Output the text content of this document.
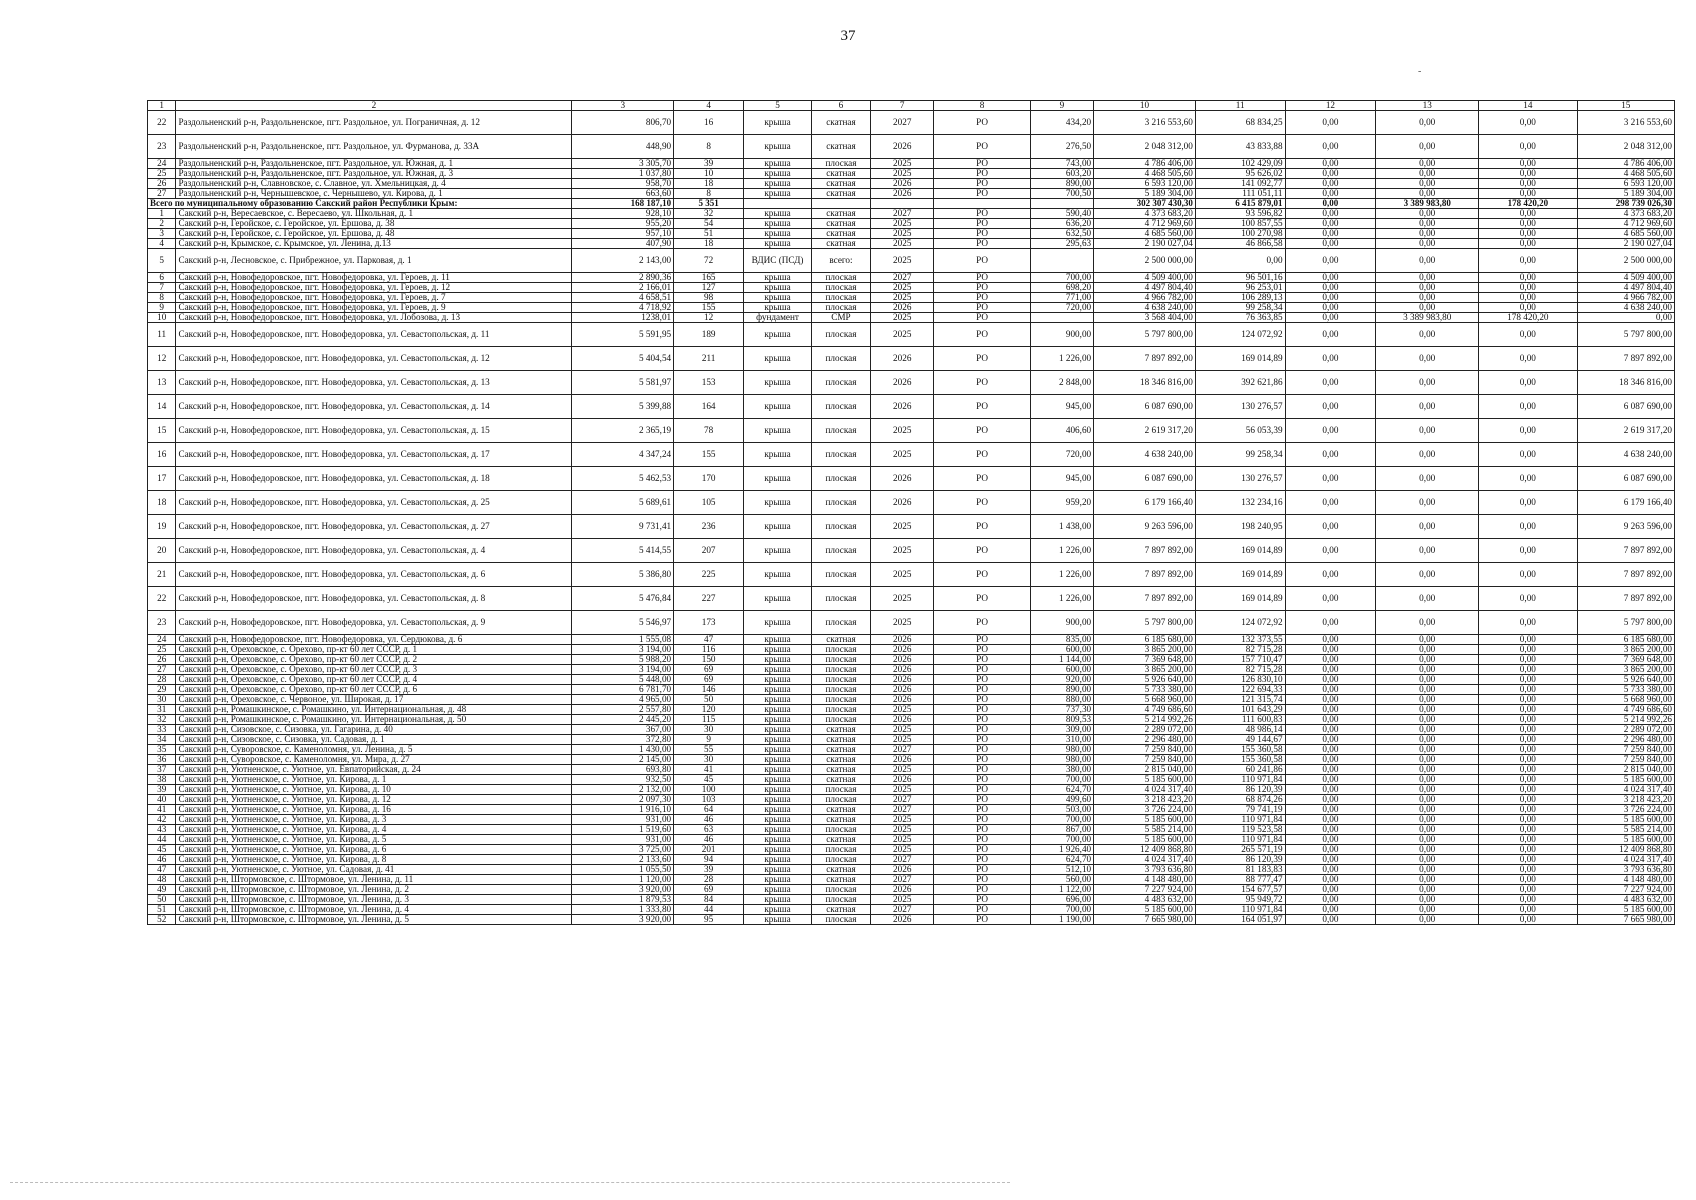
37
‑
1	2	3	4	5	6	7	8	9	10	11	12	13	14	15
22	Раздольненский р-н, Раздольненское, пгт. Раздольное, ул. Пограничная, д. 12	806,70	16	крыша	скатная	2027	РО	434,20	3 216 553,60	68 834,25	0,00	0,00	0,00	3 216 553,60
23	Раздольненский р-н, Раздольненское, пгт. Раздольное, ул. Фурманова, д. 33А	448,90	8	крыша	скатная	2026	РО	276,50	2 048 312,00	43 833,88	0,00	0,00	0,00	2 048 312,00
24	Раздольненский р-н, Раздольненское, пгт. Раздольное, ул. Южная, д. 1	3 305,70	39	крыша	плоская	2025	РО	743,00	4 786 406,00	102 429,09	0,00	0,00	0,00	4 786 406,00
25	Раздольненский р-н, Раздольненское, пгт. Раздольное, ул. Южная, д. 3	1 037,80	10	крыша	скатная	2025	РО	603,20	4 468 505,60	95 626,02	0,00	0,00	0,00	4 468 505,60
26	Раздольненский р-н, Славновское, с. Славное, ул. Хмельницкая, д. 4	958,70	18	крыша	скатная	2026	РО	890,00	6 593 120,00	141 092,77	0,00	0,00	0,00	6 593 120,00
27	Раздольненский р-н, Чернышевское, с. Чернышево, ул. Кирова, д. 1	663,60	8	крыша	скатная	2026	РО	700,50	5 189 304,00	111 051,11	0,00	0,00	0,00	5 189 304,00
Всего по муниципальному образованию Сакский район Республики Крым:		168 187,10	5 351						302 307 430,30	6 415 879,01	0,00	3 389 983,80	178 420,20	298 739 026,30
1	Сакский р-н, Вересаевское, с. Вересаево, ул. Школьная, д. 1	928,10	32	крыша	скатная	2027	РО	590,40	4 373 683,20	93 596,82	0,00	0,00	0,00	4 373 683,20
2	Сакский р-н, Геройское, с. Геройское, ул. Ершова, д. 38	955,20	54	крыша	скатная	2025	РО	636,20	4 712 969,60	100 857,55	0,00	0,00	0,00	4 712 969,60
3	Сакский р-н, Геройское, с. Геройское, ул. Ершова, д. 48	957,10	51	крыша	скатная	2025	РО	632,50	4 685 560,00	100 270,98	0,00	0,00	0,00	4 685 560,00
4	Сакский р-н, Крымское, с. Крымское, ул. Ленина, д.13	407,90	18	крыша	скатная	2025	РО	295,63	2 190 027,04	46 866,58	0,00	0,00	0,00	2 190 027,04
5	Сакский р-н, Лесновское, с. Прибрежное, ул. Парковая, д. 1	2 143,00	72	ВДИС (ПСД)	всего:	2025	РО		2 500 000,00	0,00	0,00	0,00	0,00	2 500 000,00
6	Сакский р-н, Новофедоровское, пгт. Новофедоровка, ул. Героев, д. 11	2 890,36	165	крыша	плоская	2027	РО	700,00	4 509 400,00	96 501,16	0,00	0,00	0,00	4 509 400,00
7	Сакский р-н, Новофедоровское, пгт. Новофедоровка, ул. Героев, д. 12	2 166,01	127	крыша	плоская	2025	РО	698,20	4 497 804,40	96 253,01	0,00	0,00	0,00	4 497 804,40
8	Сакский р-н, Новофедоровское, пгт. Новофедоровка, ул. Героев, д. 7	4 658,51	98	крыша	плоская	2025	РО	771,00	4 966 782,00	106 289,13	0,00	0,00	0,00	4 966 782,00
9	Сакский р-н, Новофедоровское, пгт. Новофедоровка, ул. Героев, д. 9	4 718,92	155	крыша	плоская	2026	РО	720,00	4 638 240,00	99 258,34	0,00	0,00	0,00	4 638 240,00
10	Сакский р-н, Новофедоровское, пгт. Новофедоровка, ул. Лобозова, д. 13	1238,01	12	фундамент	СМР	2025	РО		3 568 404,00	76 363,85	0,00	3 389 983,80	178 420,20	0,00
11	Сакский р-н, Новофедоровское, пгт. Новофедоровка, ул. Севастопольская, д. 11	5 591,95	189	крыша	плоская	2025	РО	900,00	5 797 800,00	124 072,92	0,00	0,00	0,00	5 797 800,00
12	Сакский р-н, Новофедоровское, пгт. Новофедоровка, ул. Севастопольская, д. 12	5 404,54	211	крыша	плоская	2026	РО	1 226,00	7 897 892,00	169 014,89	0,00	0,00	0,00	7 897 892,00
13	Сакский р-н, Новофедоровское, пгт. Новофедоровка, ул. Севастопольская, д. 13	5 581,97	153	крыша	плоская	2026	РО	2 848,00	18 346 816,00	392 621,86	0,00	0,00	0,00	18 346 816,00
14	Сакский р-н, Новофедоровское, пгт. Новофедоровка, ул. Севастопольская, д. 14	5 399,88	164	крыша	плоская	2026	РО	945,00	6 087 690,00	130 276,57	0,00	0,00	0,00	6 087 690,00
15	Сакский р-н, Новофедоровское, пгт. Новофедоровка, ул. Севастопольская, д. 15	2 365,19	78	крыша	плоская	2025	РО	406,60	2 619 317,20	56 053,39	0,00	0,00	0,00	2 619 317,20
16	Сакский р-н, Новофедоровское, пгт. Новофедоровка, ул. Севастопольская, д. 17	4 347,24	155	крыша	плоская	2025	РО	720,00	4 638 240,00	99 258,34	0,00	0,00	0,00	4 638 240,00
17	Сакский р-н, Новофедоровское, пгт. Новофедоровка, ул. Севастопольская, д. 18	5 462,53	170	крыша	плоская	2026	РО	945,00	6 087 690,00	130 276,57	0,00	0,00	0,00	6 087 690,00
18	Сакский р-н, Новофедоровское, пгт. Новофедоровка, ул. Севастопольская, д. 25	5 689,61	105	крыша	плоская	2026	РО	959,20	6 179 166,40	132 234,16	0,00	0,00	0,00	6 179 166,40
19	Сакский р-н, Новофедоровское, пгт. Новофедоровка, ул. Севастопольская, д. 27	9 731,41	236	крыша	плоская	2025	РО	1 438,00	9 263 596,00	198 240,95	0,00	0,00	0,00	9 263 596,00
20	Сакский р-н, Новофедоровское, пгт. Новофедоровка, ул. Севастопольская, д. 4	5 414,55	207	крыша	плоская	2025	РО	1 226,00	7 897 892,00	169 014,89	0,00	0,00	0,00	7 897 892,00
21	Сакский р-н, Новофедоровское, пгт. Новофедоровка, ул. Севастопольская, д. 6	5 386,80	225	крыша	плоская	2025	РО	1 226,00	7 897 892,00	169 014,89	0,00	0,00	0,00	7 897 892,00
22	Сакский р-н, Новофедоровское, пгт. Новофедоровка, ул. Севастопольская, д. 8	5 476,84	227	крыша	плоская	2025	РО	1 226,00	7 897 892,00	169 014,89	0,00	0,00	0,00	7 897 892,00
23	Сакский р-н, Новофедоровское, пгт. Новофедоровка, ул. Севастопольская, д. 9	5 546,97	173	крыша	плоская	2025	РО	900,00	5 797 800,00	124 072,92	0,00	0,00	0,00	5 797 800,00
24	Сакский р-н, Новофедоровское, пгт. Новофедоровка, ул. Сердюкова, д. 6	1 555,08	47	крыша	скатная	2026	РО	835,00	6 185 680,00	132 373,55	0,00	0,00	0,00	6 185 680,00
25	Сакский р-н, Ореховское, с. Орехово, пр-кт 60 лет СССР, д. 1	3 194,00	116	крыша	плоская	2026	РО	600,00	3 865 200,00	82 715,28	0,00	0,00	0,00	3 865 200,00
26	Сакский р-н, Ореховское, с. Орехово, пр-кт 60 лет СССР, д. 2	5 988,20	150	крыша	плоская	2026	РО	1 144,00	7 369 648,00	157 710,47	0,00	0,00	0,00	7 369 648,00
27	Сакский р-н, Ореховское, с. Орехово, пр-кт 60 лет СССР, д. 3	3 194,00	69	крыша	плоская	2026	РО	600,00	3 865 200,00	82 715,28	0,00	0,00	0,00	3 865 200,00
28	Сакский р-н, Ореховское, с. Орехово, пр-кт 60 лет СССР, д. 4	5 448,00	69	крыша	плоская	2026	РО	920,00	5 926 640,00	126 830,10	0,00	0,00	0,00	5 926 640,00
29	Сакский р-н, Ореховское, с. Орехово, пр-кт 60 лет СССР, д. 6	6 781,70	146	крыша	плоская	2026	РО	890,00	5 733 380,00	122 694,33	0,00	0,00	0,00	5 733 380,00
30	Сакский р-н, Ореховское, с. Червоное, ул. Широкая, д. 17	4 965,00	50	крыша	плоская	2026	РО	880,00	5 668 960,00	121 315,74	0,00	0,00	0,00	5 668 960,00
31	Сакский р-н, Ромашкинское, с. Ромашкино, ул. Интернациональная, д. 48	2 557,80	120	крыша	плоская	2025	РО	737,30	4 749 686,60	101 643,29	0,00	0,00	0,00	4 749 686,60
32	Сакский р-н, Ромашкинское, с. Ромашкино, ул. Интернациональная, д. 50	2 445,20	115	крыша	плоская	2026	РО	809,53	5 214 992,26	111 600,83	0,00	0,00	0,00	5 214 992,26
33	Сакский р-н, Сизовское, с. Сизовка, ул. Гагарина, д. 40	367,00	30	крыша	скатная	2025	РО	309,00	2 289 072,00	48 986,14	0,00	0,00	0,00	2 289 072,00
34	Сакский р-н, Сизовское, с. Сизовка, ул. Садовая, д. 1	372,80	9	крыша	скатная	2025	РО	310,00	2 296 480,00	49 144,67	0,00	0,00	0,00	2 296 480,00
35	Сакский р-н, Суворовское, с. Каменоломня, ул. Ленина, д. 5	1 430,00	55	крыша	скатная	2027	РО	980,00	7 259 840,00	155 360,58	0,00	0,00	0,00	7 259 840,00
36	Сакский р-н, Суворовское, с. Каменоломня, ул. Мира, д. 27	2 145,00	30	крыша	скатная	2026	РО	980,00	7 259 840,00	155 360,58	0,00	0,00	0,00	7 259 840,00
37	Сакский р-н, Уютненское, с. Уютное, ул. Евпаторийская, д. 24	693,80	41	крыша	скатная	2025	РО	380,00	2 815 040,00	60 241,86	0,00	0,00	0,00	2 815 040,00
38	Сакский р-н, Уютненское, с. Уютное, ул. Кирова, д. 1	932,50	45	крыша	скатная	2026	РО	700,00	5 185 600,00	110 971,84	0,00	0,00	0,00	5 185 600,00
39	Сакский р-н, Уютненское, с. Уютное, ул. Кирова, д. 10	2 132,00	100	крыша	плоская	2025	РО	624,70	4 024 317,40	86 120,39	0,00	0,00	0,00	4 024 317,40
40	Сакский р-н, Уютненское, с. Уютное, ул. Кирова, д. 12	2 097,30	103	крыша	плоская	2027	РО	499,60	3 218 423,20	68 874,26	0,00	0,00	0,00	3 218 423,20
41	Сакский р-н, Уютненское, с. Уютное, ул. Кирова, д. 16	1 916,10	64	крыша	скатная	2027	РО	503,00	3 726 224,00	79 741,19	0,00	0,00	0,00	3 726 224,00
42	Сакский р-н, Уютненское, с. Уютное, ул. Кирова, д. 3	931,00	46	крыша	скатная	2025	РО	700,00	5 185 600,00	110 971,84	0,00	0,00	0,00	5 185 600,00
43	Сакский р-н, Уютненское, с. Уютное, ул. Кирова, д. 4	1 519,60	63	крыша	плоская	2025	РО	867,00	5 585 214,00	119 523,58	0,00	0,00	0,00	5 585 214,00
44	Сакский р-н, Уютненское, с. Уютное, ул. Кирова, д. 5	931,00	46	крыша	скатная	2025	РО	700,00	5 185 600,00	110 971,84	0,00	0,00	0,00	5 185 600,00
45	Сакский р-н, Уютненское, с. Уютное, ул. Кирова, д. 6	3 725,00	201	крыша	плоская	2025	РО	1 926,40	12 409 868,80	265 571,19	0,00	0,00	0,00	12 409 868,80
46	Сакский р-н, Уютненское, с. Уютное, ул. Кирова, д. 8	2 133,60	94	крыша	плоская	2027	РО	624,70	4 024 317,40	86 120,39	0,00	0,00	0,00	4 024 317,40
47	Сакский р-н, Уютненское, с. Уютное, ул. Садовая, д. 41	1 055,50	39	крыша	скатная	2026	РО	512,10	3 793 636,80	81 183,83	0,00	0,00	0,00	3 793 636,80
48	Сакский р-н, Штормовское, с. Штормовое, ул. Ленина, д. 11	1 120,00	28	крыша	скатная	2027	РО	560,00	4 148 480,00	88 777,47	0,00	0,00	0,00	4 148 480,00
49	Сакский р-н, Штормовское, с. Штормовое, ул. Ленина, д. 2	3 920,00	69	крыша	плоская	2026	РО	1 122,00	7 227 924,00	154 677,57	0,00	0,00	0,00	7 227 924,00
50	Сакский р-н, Штормовское, с. Штормовое, ул. Ленина, д. 3	1 879,53	84	крыша	плоская	2025	РО	696,00	4 483 632,00	95 949,72	0,00	0,00	0,00	4 483 632,00
51	Сакский р-н, Штормовское, с. Штормовое, ул. Ленина, д. 4	1 333,80	44	крыша	скатная	2027	РО	700,00	5 185 600,00	110 971,84	0,00	0,00	0,00	5 185 600,00
52	Сакский р-н, Штормовское, с. Штормовое, ул. Ленина, д. 5	3 920,00	95	крыша	плоская	2026	РО	1 190,00	7 665 980,00	164 051,97	0,00	0,00	0,00	7 665 980,00
